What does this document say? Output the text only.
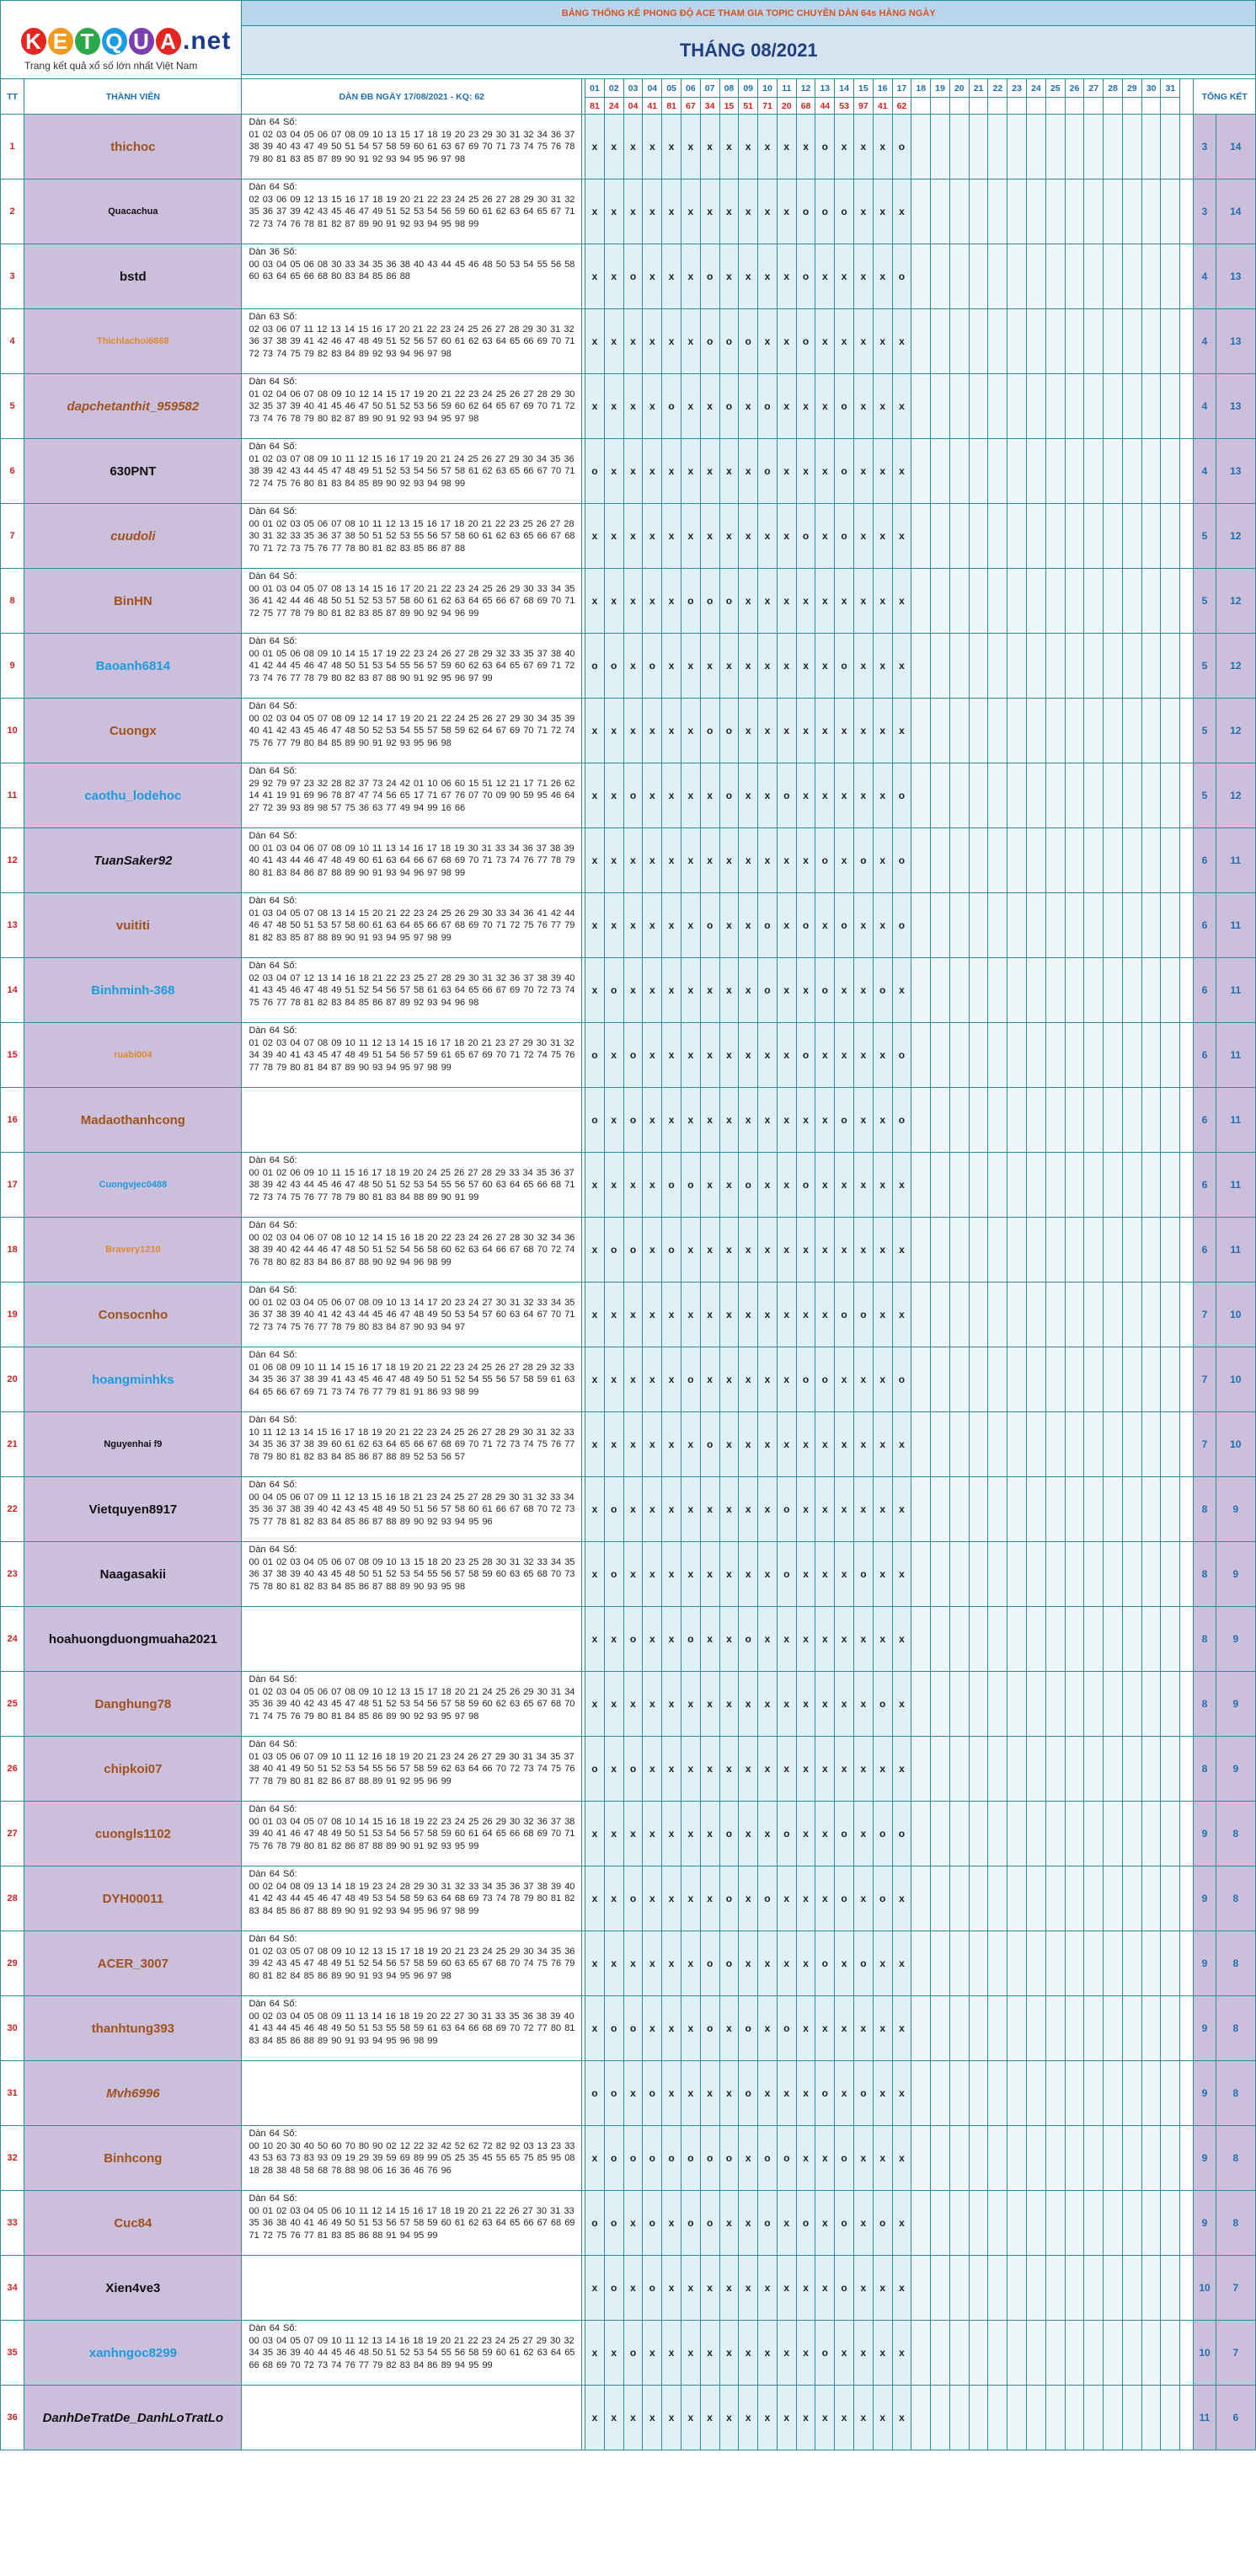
K E T Q U A .net
Trang kết quả xổ số lớn nhất Việt Nam		BẢNG THỐNG KÊ PHONG ĐỘ ACE THAM GIA TOPIC CHUYÊN DÀN 64s HÀNG NGÀY																																			
		THÁNG 08/2021																																			

TT	THÀNH VIÊN	DÀN ĐB NGÀY 17/08/2021 - KQ: 62		01	02	03	04	05	06	07	08	09	10	11	12	13	14	15	16	17	18	19	20	21	22	23	24	25	26	27	28	29	30	31		TỔNG KẾT	
				81	24	04	41	81	67	34	15	51	71	20	68	44	53	97	41	62																	
1	thichoc	Dàn 64 Số:
01 02 03 04 05 06 07 08 09 10 13 15 17 18 19 20 23 29 30 31 32 34 36 37 38 39 40 43 47 49 50 51 54 57 58 59 60 61 63 67 69 70 71 73 74 75 76 78 79 80 81 83 85 87 89 90 91 92 93 94 95 96 97 98		x	x	x	x	x	x	x	x	x	x	x	x	o	x	x	x	o																3	14
2	Quacachua	Dàn 64 Số:
02 03 06 09 12 13 15 16 17 18 19 20 21 22 23 24 25 26 27 28 29 30 31 32 35 36 37 39 42 43 45 46 47 49 51 52 53 54 56 59 60 61 62 63 64 65 67 71 72 73 74 76 78 81 82 87 89 90 91 92 93 94 95 98 99		x	x	x	x	x	x	x	x	x	x	x	o	o	o	x	x	x																3	14
3	bstd	Dàn 36 Số:
00 03 04 05 06 08 30 33 34 35 36 38 40 43 44 45 46 48 50 53 54 55 56 58 60 63 64 65 66 68 80 83 84 85 86 88		x	x	o	x	x	x	o	x	x	x	x	o	x	x	x	x	o																4	13
4	Thichlachoi6868	Dàn 63 Số:
02 03 06 07 11 12 13 14 15 16 17 20 21 22 23 24 25 26 27 28 29 30 31 32 36 37 38 39 41 42 46 47 48 49 51 52 56 57 60 61 62 63 64 65 66 69 70 71 72 73 74 75 79 82 83 84 89 92 93 94 96 97 98		x	x	x	x	x	x	o	o	o	x	x	o	x	x	x	x	x																4	13
5	dapchetanthit_959582	Dàn 64 Số:
01 02 04 06 07 08 09 10 12 14 15 17 19 20 21 22 23 24 25 26 27 28 29 30 32 35 37 39 40 41 45 46 47 50 51 52 53 56 59 60 62 64 65 67 69 70 71 72 73 74 76 78 79 80 82 87 89 90 91 92 93 94 95 97 98		x	x	x	x	o	x	x	o	x	o	x	x	x	o	x	x	x																4	13
6	630PNT	Dàn 64 Số:
01 02 03 07 08 09 10 11 12 15 16 17 19 20 21 24 25 26 27 29 30 34 35 36 38 39 42 43 44 45 47 48 49 51 52 53 54 56 57 58 61 62 63 65 66 67 70 71 72 74 75 76 80 81 83 84 85 89 90 92 93 94 98 99		o	x	x	x	x	x	x	x	x	o	x	x	x	o	x	x	x																4	13
7	cuudoli	Dàn 64 Số:
00 01 02 03 05 06 07 08 10 11 12 13 15 16 17 18 20 21 22 23 25 26 27 28 30 31 32 33 35 36 37 38 50 51 52 53 55 56 57 58 60 61 62 63 65 66 67 68 70 71 72 73 75 76 77 78 80 81 82 83 85 86 87 88		x	x	x	x	x	x	x	x	x	x	x	o	x	o	x	x	x																5	12
8	BinHN	Dàn 64 Số:
00 01 03 04 05 07 08 13 14 15 16 17 20 21 22 23 24 25 26 29 30 33 34 35 36 41 42 44 46 48 50 51 52 53 57 58 60 61 62 63 64 65 66 67 68 69 70 71 72 75 77 78 79 80 81 82 83 85 87 89 90 92 94 96 99		x	x	x	x	x	o	o	o	x	x	x	x	x	x	x	x	x																5	12
9	Baoanh6814	Dàn 64 Số:
00 01 05 06 08 09 10 14 15 17 19 22 23 24 26 27 28 29 32 33 35 37 38 40 41 42 44 45 46 47 48 50 51 53 54 55 56 57 59 60 62 63 64 65 67 69 71 72 73 74 76 77 78 79 80 82 83 87 88 90 91 92 95 96 97 99		o	o	x	o	x	x	x	x	x	x	x	x	x	o	x	x	x																5	12
10	Cuongx	Dàn 64 Số:
00 02 03 04 05 07 08 09 12 14 17 19 20 21 22 24 25 26 27 29 30 34 35 39 40 41 42 43 45 46 47 48 50 52 53 54 55 57 58 59 62 64 67 69 70 71 72 74 75 76 77 79 80 84 85 89 90 91 92 93 95 96 98		x	x	x	x	x	x	o	o	x	x	x	x	x	x	x	x	x																5	12
11	caothu_lodehoc	Dàn 64 Số:
29 92 79 97 23 32 28 82 37 73 24 42 01 10 06 60 15 51 12 21 17 71 26 62 14 41 19 91 69 96 78 87 47 74 56 65 17 71 67 76 07 70 09 90 59 95 46 64 27 72 39 93 89 98 57 75 36 63 77 49 94 99 16 66		x	x	o	x	x	x	x	o	x	x	o	x	x	x	x	x	o																5	12
12	TuanSaker92	Dàn 64 Số:
00 01 03 04 06 07 08 09 10 11 13 14 16 17 18 19 30 31 33 34 36 37 38 39 40 41 43 44 46 47 48 49 60 61 63 64 66 67 68 69 70 71 73 74 76 77 78 79 80 81 83 84 86 87 88 89 90 91 93 94 96 97 98 99		x	x	x	x	x	x	x	x	x	x	x	x	o	x	o	x	o																6	11
13	vuititi	Dàn 64 Số:
01 03 04 05 07 08 13 14 15 20 21 22 23 24 25 26 29 30 33 34 36 41 42 44 46 47 48 50 51 53 57 58 60 61 63 64 65 66 67 68 69 70 71 72 75 76 77 79 81 82 83 85 87 88 89 90 91 93 94 95 97 98 99		x	x	x	x	x	x	o	x	x	o	x	o	x	o	x	x	o																6	11
14	Binhminh-368	Dàn 64 Số:
02 03 04 07 12 13 14 16 18 21 22 23 25 27 28 29 30 31 32 36 37 38 39 40 41 43 45 46 47 48 49 51 52 54 56 57 58 61 63 64 65 66 67 69 70 72 73 74 75 76 77 78 81 82 83 84 85 86 87 89 92 93 94 96 98		x	o	x	x	x	x	x	x	x	o	x	x	o	x	x	o	x																6	11
15	ruabi004	Dàn 64 Số:
01 02 03 04 07 08 09 10 11 12 13 14 15 16 17 18 20 21 23 27 29 30 31 32 34 39 40 41 43 45 47 48 49 51 54 56 57 59 61 65 67 69 70 71 72 74 75 76 77 78 79 80 81 84 87 89 90 93 94 95 97 98 99		o	x	o	x	x	x	x	x	x	x	x	o	x	x	x	x	o																6	11
16	Madaothanhcong			o	x	o	x	x	x	x	x	x	x	x	x	x	o	x	x	o																6	11
17	Cuongvjec0488	Dàn 64 Số:
00 01 02 06 09 10 11 15 16 17 18 19 20 24 25 26 27 28 29 33 34 35 36 37 38 39 42 43 44 45 46 47 48 50 51 52 53 54 55 56 57 60 63 64 65 66 68 71 72 73 74 75 76 77 78 79 80 81 83 84 88 89 90 91 99		x	x	x	x	o	o	x	x	o	x	x	o	x	x	x	x	x																6	11
18	Bravery1210	Dàn 64 Số:
00 02 03 04 06 07 08 10 12 14 15 16 18 20 22 23 24 26 27 28 30 32 34 36 38 39 40 42 44 46 47 48 50 51 52 54 56 58 60 62 63 64 66 67 68 70 72 74 76 78 80 82 83 84 86 87 88 90 92 94 96 98 99		x	o	o	x	o	x	x	x	x	x	x	x	x	x	x	x	x																6	11
19	Consocnho	Dàn 64 Số:
00 01 02 03 04 05 06 07 08 09 10 13 14 17 20 23 24 27 30 31 32 33 34 35 36 37 38 39 40 41 42 43 44 45 46 47 48 49 50 53 54 57 60 63 64 67 70 71 72 73 74 75 76 77 78 79 80 83 84 87 90 93 94 97		x	x	x	x	x	x	x	x	x	x	x	x	x	o	o	x	x																7	10
20	hoangminhks	Dàn 64 Số:
01 06 08 09 10 11 14 15 16 17 18 19 20 21 22 23 24 25 26 27 28 29 32 33 34 35 36 37 38 39 41 43 45 46 47 48 49 50 51 52 54 55 56 57 58 59 61 63 64 65 66 67 69 71 73 74 76 77 79 81 91 86 93 98 99		x	x	x	x	x	o	x	x	x	x	x	o	o	x	x	x	o																7	10
21	Nguyenhai f9	Dàn 64 Số:
10 11 12 13 14 15 16 17 18 19 20 21 22 23 24 25 26 27 28 29 30 31 32 33 34 35 36 37 38 39 60 61 62 63 64 65 66 67 68 69 70 71 72 73 74 75 76 77 78 79 80 81 82 83 84 85 86 87 88 89 52 53 56 57		x	x	x	x	x	x	o	x	x	x	x	x	x	x	x	x	x																7	10
22	Vietquyen8917	Dàn 64 Số:
00 04 05 06 07 09 11 12 13 15 16 18 21 23 24 25 27 28 29 30 31 32 33 34 35 36 37 38 39 40 42 43 45 48 49 50 51 56 57 58 60 61 66 67 68 70 72 73 75 77 78 81 82 83 84 85 86 87 88 89 90 92 93 94 95 96		x	o	x	x	x	x	x	x	x	x	o	x	x	x	x	x	x																8	9
23	Naagasakii	Dàn 64 Số:
00 01 02 03 04 05 06 07 08 09 10 13 15 18 20 23 25 28 30 31 32 33 34 35 36 37 38 39 40 43 45 48 50 51 52 53 54 55 56 57 58 59 60 63 65 68 70 73 75 78 80 81 82 83 84 85 86 87 88 89 90 93 95 98		x	o	x	x	x	x	x	x	x	x	o	x	x	x	o	x	x																8	9
24	hoahuongduongmuaha2021			x	x	o	x	x	o	x	x	o	x	x	x	x	x	x	x	x																8	9
25	Danghung78	Dàn 64 Số:
01 02 03 04 05 06 07 08 09 10 12 13 15 17 18 20 21 24 25 26 29 30 31 34 35 36 39 40 42 43 45 47 48 51 52 53 54 56 57 58 59 60 62 63 65 67 68 70 71 74 75 76 79 80 81 84 85 86 89 90 92 93 95 97 98		x	x	x	x	x	x	x	x	x	x	x	x	x	x	x	o	x																8	9
26	chipkoi07	Dàn 64 Số:
01 03 05 06 07 09 10 11 12 16 18 19 20 21 23 24 26 27 29 30 31 34 35 37 38 40 41 49 50 51 52 53 54 55 56 57 58 59 62 63 64 66 70 72 73 74 75 76 77 78 79 80 81 82 86 87 88 89 91 92 95 96 99		o	x	o	x	x	x	x	x	x	x	x	x	x	x	x	x	x																8	9
27	cuongls1102	Dàn 64 Số:
00 01 03 04 05 07 08 10 14 15 16 18 19 22 23 24 25 26 29 30 32 36 37 38 39 40 41 46 47 48 49 50 51 53 54 56 57 58 59 60 61 64 65 66 68 69 70 71 75 76 78 79 80 81 82 86 87 88 89 90 91 92 93 95 99		x	x	x	x	x	x	x	o	x	x	o	x	x	o	x	o	o																9	8
28	DYH00011	Dàn 64 Số:
00 02 04 08 09 13 14 18 19 23 24 28 29 30 31 32 33 34 35 36 37 38 39 40 41 42 43 44 45 46 47 48 49 53 54 58 59 63 64 68 69 73 74 78 79 80 81 82 83 84 85 86 87 88 89 90 91 92 93 94 95 96 97 98 99		x	x	o	x	x	x	x	o	x	o	x	x	x	o	x	o	x																9	8
29	ACER_3007	Dàn 64 Số:
01 02 03 05 07 08 09 10 12 13 15 17 18 19 20 21 23 24 25 29 30 34 35 36 39 42 43 45 47 48 49 51 52 54 56 57 58 59 60 63 65 67 68 70 74 75 76 79 80 81 82 84 85 86 89 90 91 93 94 95 96 97 98		x	x	x	x	x	x	o	o	x	x	x	x	o	x	o	x	x																9	8
30	thanhtung393	Dàn 64 Số:
00 02 03 04 05 08 09 11 13 14 16 18 19 20 22 27 30 31 33 35 36 38 39 40 41 43 44 45 46 48 49 50 51 53 55 58 59 61 63 64 66 68 69 70 72 77 80 81 83 84 85 86 88 89 90 91 93 94 95 96 98 99		x	o	o	x	x	x	o	x	o	x	o	x	x	x	x	x	x																9	8
31	Mvh6996			o	o	x	o	x	x	x	x	o	x	x	x	o	x	o	x	x																9	8
32	Binhcong	Dàn 64 Số:
00 10 20 30 40 50 60 70 80 90 02 12 22 32 42 52 62 72 82 92 03 13 23 33 43 53 63 73 83 93 09 19 29 39 59 69 89 99 05 25 35 45 55 65 75 85 95 08 18 28 38 48 58 68 78 88 98 06 16 36 46 76 96		x	o	o	o	o	o	o	o	x	o	o	x	x	o	x	x	x																9	8
33	Cuc84	Dàn 64 Số:
00 01 02 03 04 05 06 10 11 12 14 15 16 17 18 19 20 21 22 26 27 30 31 33 35 36 38 40 41 46 49 50 51 53 56 57 58 59 60 61 62 63 64 65 66 67 68 69 71 72 75 76 77 81 83 85 86 88 91 94 95 99		o	o	x	o	x	o	o	x	x	o	x	o	x	o	x	o	x																9	8
34	Xien4ve3			x	o	x	o	x	x	x	x	x	x	x	x	x	o	x	x	x																10	7
35	xanhngoc8299	Dàn 64 Số:
00 03 04 05 07 09 10 11 12 13 14 16 18 19 20 21 22 23 24 25 27 29 30 32 34 35 36 39 40 44 45 46 48 50 51 52 53 54 55 56 58 59 60 61 62 63 64 65 66 68 69 70 72 73 74 76 77 79 82 83 84 86 89 94 95 99		x	x	o	x	x	x	x	x	x	x	x	x	o	x	x	x	x																10	7
36	DanhDeTratDe_DanhLoTratLo			x	x	x	x	x	x	x	x	x	x	x	x	x	x	x	x	x																11	6
